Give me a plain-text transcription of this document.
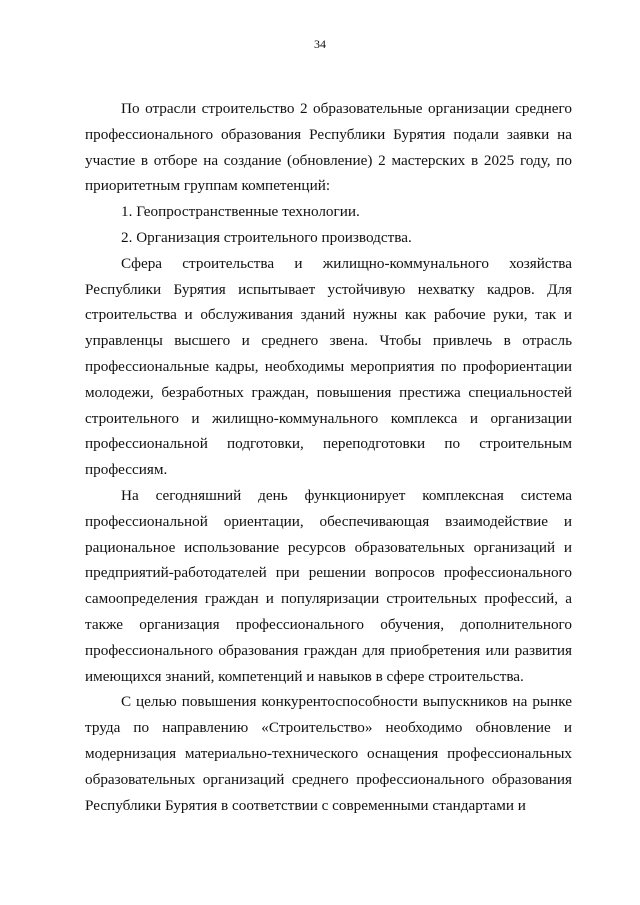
34

По отрасли строительство 2 образовательные организации среднего профессионального образования Республики Бурятия подали заявки на участие в отборе на создание (обновление) 2 мастерских в 2025 году, по приоритетным группам компетенций:

1. Геопространственные технологии.

2. Организация строительного производства.

Сфера строительства и жилищно-коммунального хозяйства Республики Бурятия испытывает устойчивую нехватку кадров. Для строительства и обслуживания зданий нужны как рабочие руки, так и управленцы высшего и среднего звена. Чтобы привлечь в отрасль профессиональные кадры, необходимы мероприятия по профориентации молодежи, безработных граждан, повышения престижа специальностей строительного и жилищно-коммунального комплекса и организации профессиональной подготовки, переподготовки по строительным профессиям.

На сегодняшний день функционирует комплексная система профессиональной ориентации, обеспечивающая взаимодействие и рациональное использование ресурсов образовательных организаций и предприятий-работодателей при решении вопросов профессионального самоопределения граждан и популяризации строительных профессий, а также организация профессионального обучения, дополнительного профессионального образования граждан для приобретения или развития имеющихся знаний, компетенций и навыков в сфере строительства.

С целью повышения конкурентоспособности выпускников на рынке труда по направлению «Строительство» необходимо обновление и модернизация материально-технического оснащения профессиональных образовательных организаций среднего профессионального образования Республики Бурятия в соответствии с современными стандартами и
